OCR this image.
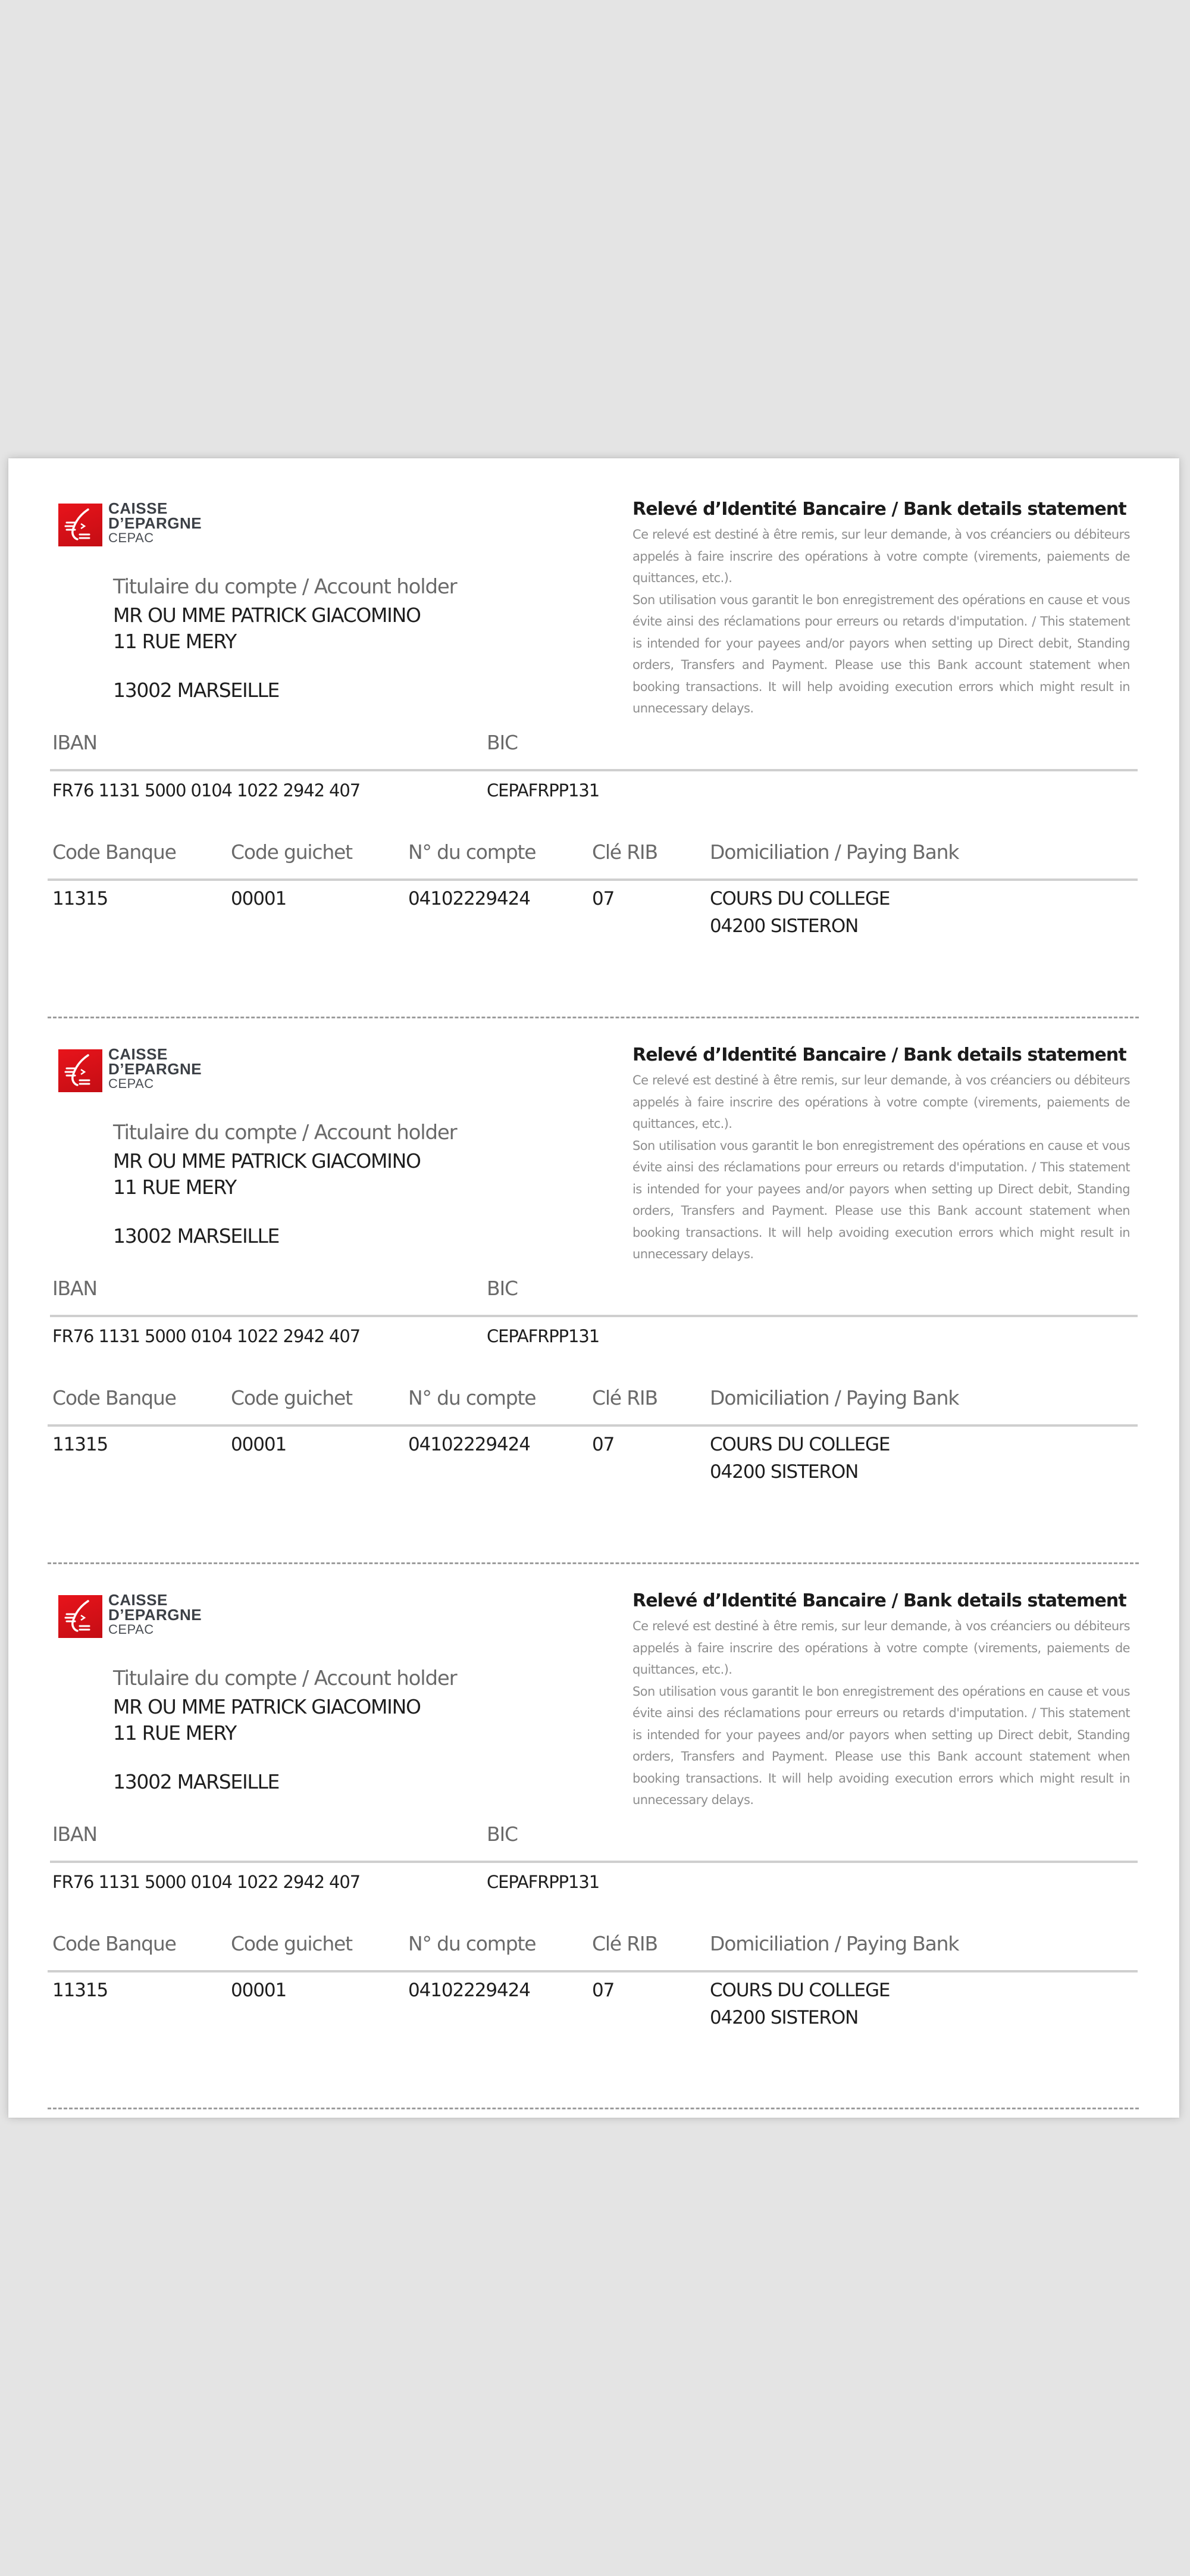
CAISSE
D’EPARGNE
CEPAC
Titulaire du compte / Account holder
MR OU MME PATRICK GIACOMINO
11 RUE MERY
13002 MARSEILLE
Relevé d’Identité Bancaire / Bank details statement

Ce relevé est destiné à être remis, sur leur demande, à vos créanciers ou débiteurs appelés à faire inscrire des opérations à votre compte (virements, paiements de quittances, etc.).

Son utilisation vous garantit le bon enregistrement des opérations en cause et vous évite ainsi des réclamations pour erreurs ou retards d'imputation. / This statement is intended for your payees and/or payors when setting up Direct debit, Standing orders, Transfers and Payment. Please use this Bank account statement when booking transactions. It will help avoiding execution errors which might result in unnecessary delays.

IBAN	BIC
FR76 1131 5000 0104 1022 2942 407	CEPAFRPP131
Code Banque	Code guichet	N° du compte	Clé RIB	Domiciliation / Paying Bank
11315	00001	04102229424	07	COURS DU COLLEGE
04200 SISTERON
CAISSE
D’EPARGNE
CEPAC
Titulaire du compte / Account holder
MR OU MME PATRICK GIACOMINO
11 RUE MERY
13002 MARSEILLE
Relevé d’Identité Bancaire / Bank details statement

Ce relevé est destiné à être remis, sur leur demande, à vos créanciers ou débiteurs appelés à faire inscrire des opérations à votre compte (virements, paiements de quittances, etc.).

Son utilisation vous garantit le bon enregistrement des opérations en cause et vous évite ainsi des réclamations pour erreurs ou retards d'imputation. / This statement is intended for your payees and/or payors when setting up Direct debit, Standing orders, Transfers and Payment. Please use this Bank account statement when booking transactions. It will help avoiding execution errors which might result in unnecessary delays.

IBAN	BIC
FR76 1131 5000 0104 1022 2942 407	CEPAFRPP131
Code Banque	Code guichet	N° du compte	Clé RIB	Domiciliation / Paying Bank
11315	00001	04102229424	07	COURS DU COLLEGE
04200 SISTERON
CAISSE
D’EPARGNE
CEPAC
Titulaire du compte / Account holder
MR OU MME PATRICK GIACOMINO
11 RUE MERY
13002 MARSEILLE
Relevé d’Identité Bancaire / Bank details statement

Ce relevé est destiné à être remis, sur leur demande, à vos créanciers ou débiteurs appelés à faire inscrire des opérations à votre compte (virements, paiements de quittances, etc.).

Son utilisation vous garantit le bon enregistrement des opérations en cause et vous évite ainsi des réclamations pour erreurs ou retards d'imputation. / This statement is intended for your payees and/or payors when setting up Direct debit, Standing orders, Transfers and Payment. Please use this Bank account statement when booking transactions. It will help avoiding execution errors which might result in unnecessary delays.

IBAN	BIC
FR76 1131 5000 0104 1022 2942 407	CEPAFRPP131
Code Banque	Code guichet	N° du compte	Clé RIB	Domiciliation / Paying Bank
11315	00001	04102229424	07	COURS DU COLLEGE
04200 SISTERON
